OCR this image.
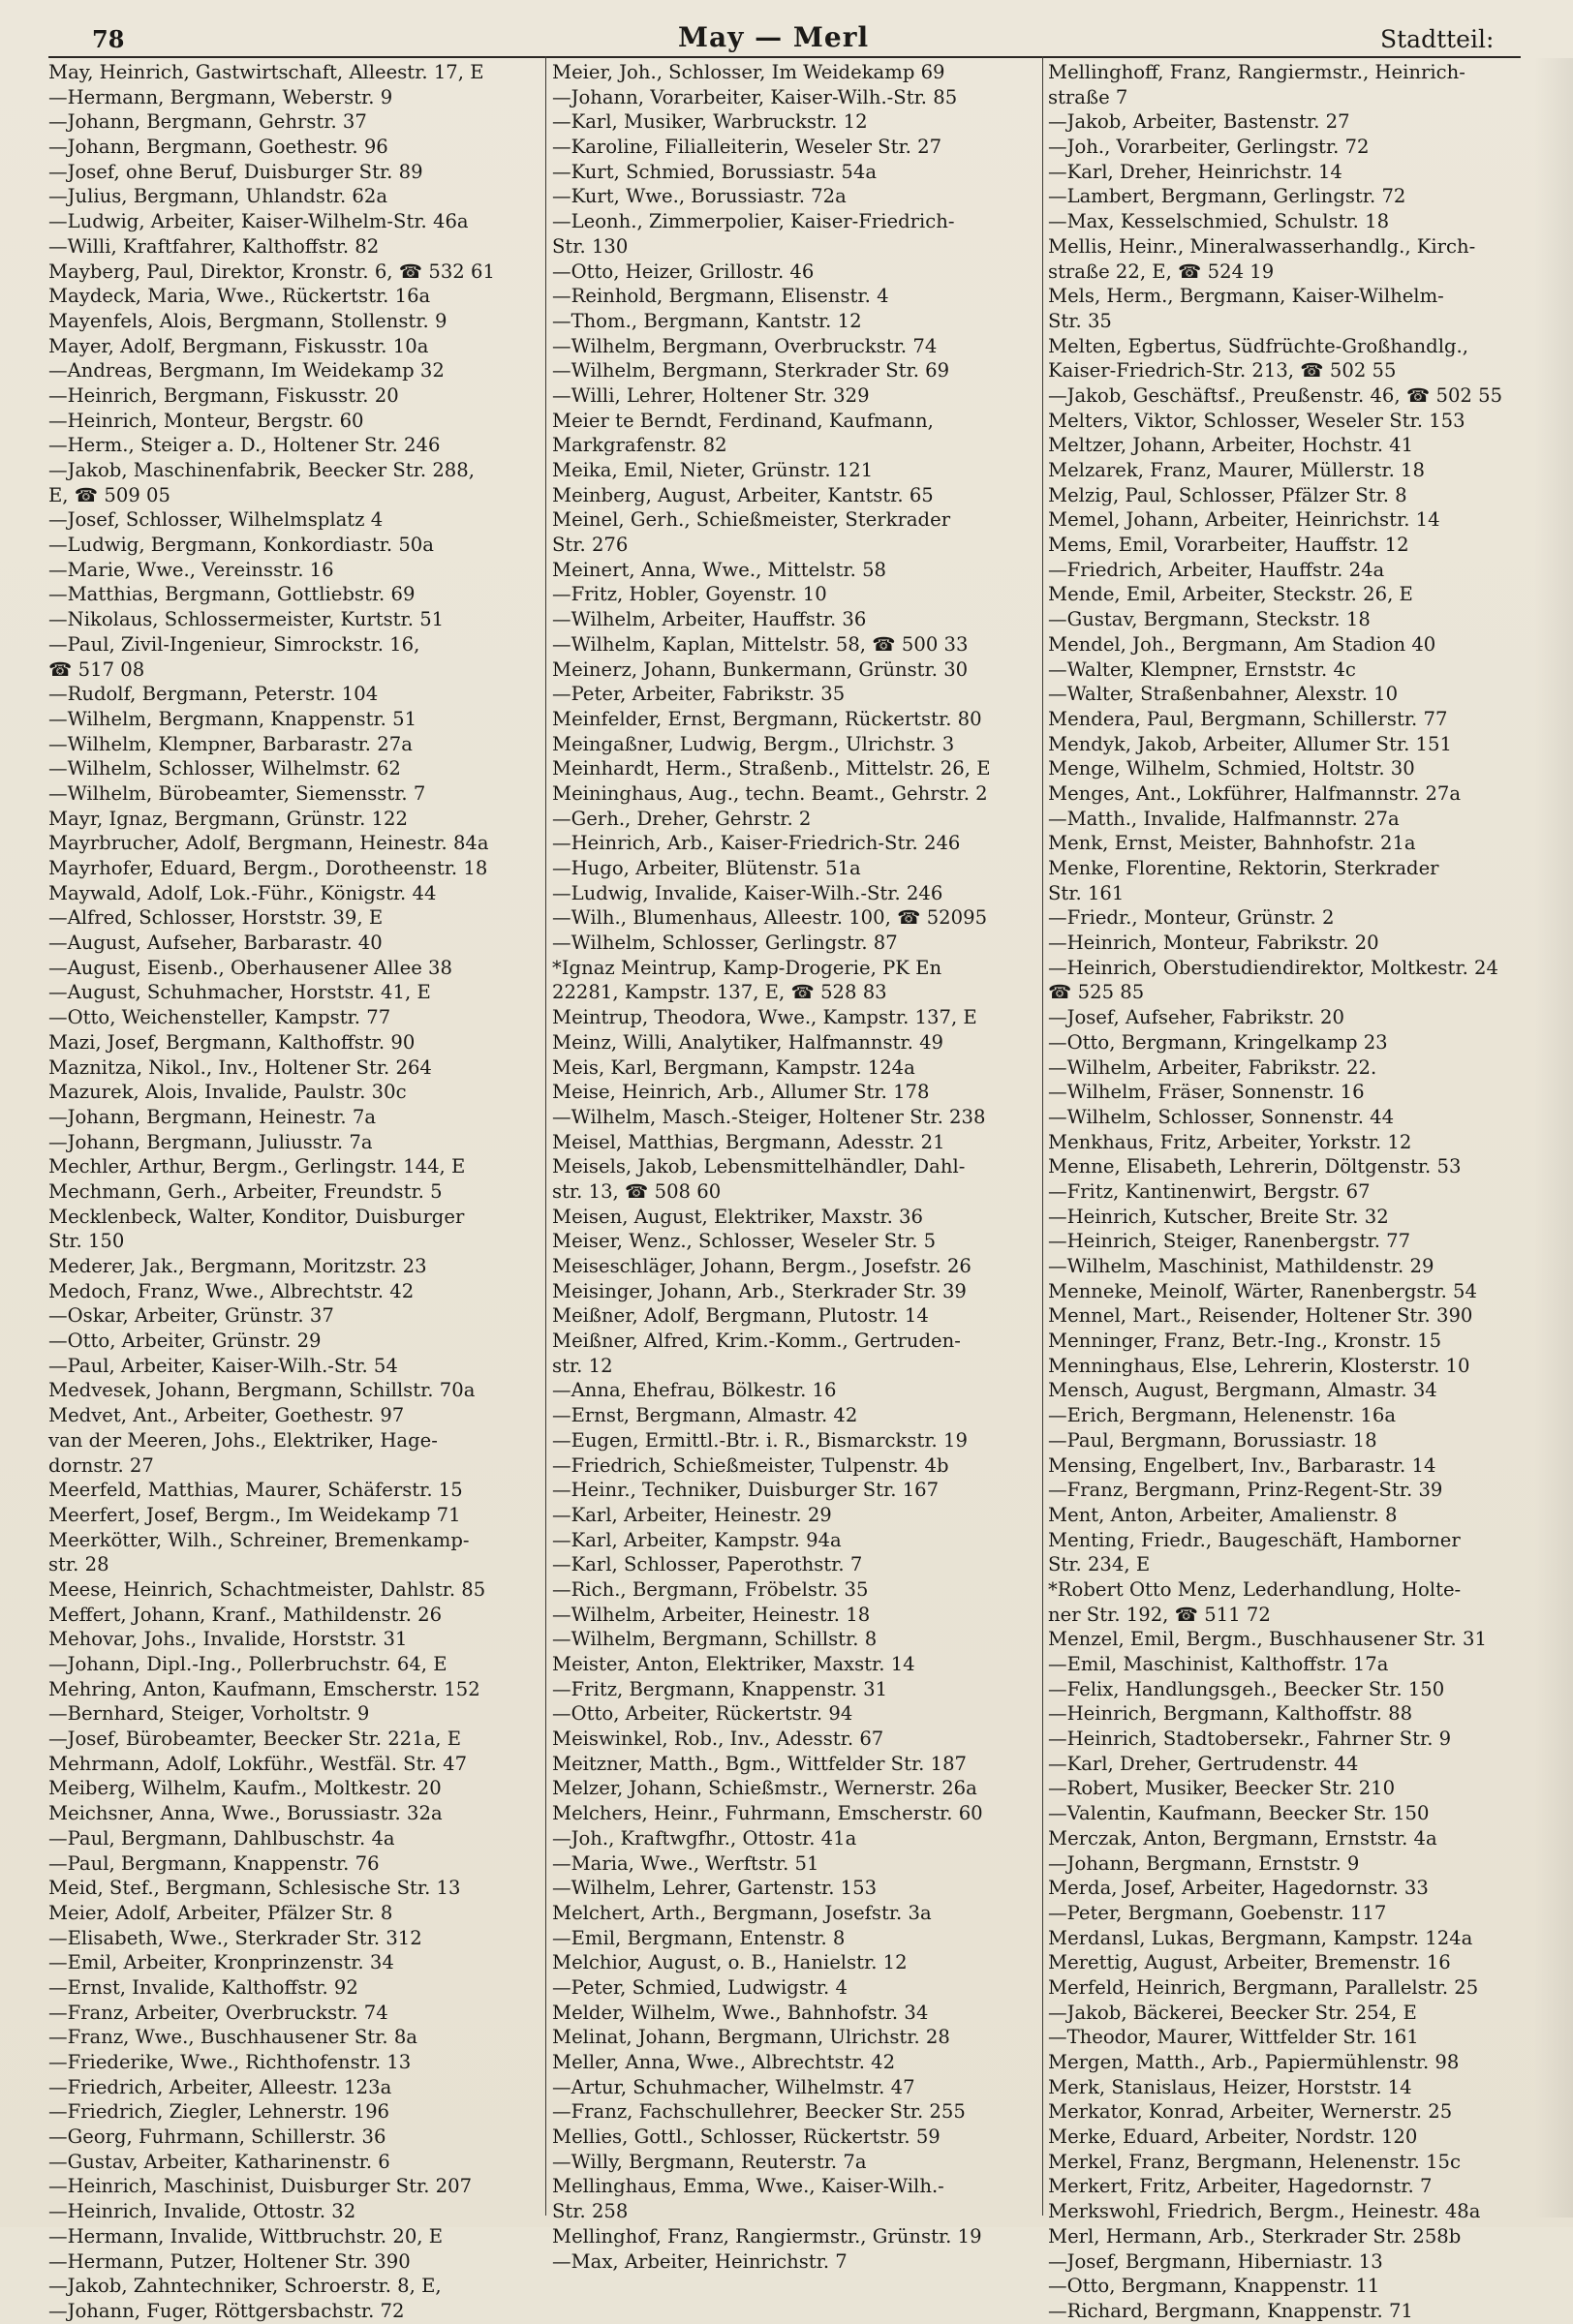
78	May — Merl	Stadtteil:
May, Heinrich, Gastwirtschaft, Alleestr. 17, E
—Hermann, Bergmann, Weberstr. 9
—Johann, Bergmann, Gehrstr. 37
—Johann, Bergmann, Goethestr. 96
—Josef, ohne Beruf, Duisburger Str. 89
—Julius, Bergmann, Uhlandstr. 62a
—Ludwig, Arbeiter, Kaiser-Wilhelm-Str. 46a
—Willi, Kraftfahrer, Kalthoffstr. 82
Mayberg, Paul, Direktor, Kronstr. 6, ☎ 532 61
Maydeck, Maria, Wwe., Rückertstr. 16a
Mayenfels, Alois, Bergmann, Stollenstr. 9
Mayer, Adolf, Bergmann, Fiskusstr. 10a
—Andreas, Bergmann, Im Weidekamp 32
—Heinrich, Bergmann, Fiskusstr. 20
—Heinrich, Monteur, Bergstr. 60
—Herm., Steiger a. D., Holtener Str. 246
—Jakob, Maschinenfabrik, Beecker Str. 288,
E, ☎ 509 05
—Josef, Schlosser, Wilhelmsplatz 4
—Ludwig, Bergmann, Konkordiastr. 50a
—Marie, Wwe., Vereinsstr. 16
—Matthias, Bergmann, Gottliebstr. 69
—Nikolaus, Schlossermeister, Kurtstr. 51
—Paul, Zivil-Ingenieur, Simrockstr. 16,
☎ 517 08
—Rudolf, Bergmann, Peterstr. 104
—Wilhelm, Bergmann, Knappenstr. 51
—Wilhelm, Klempner, Barbarastr. 27a
—Wilhelm, Schlosser, Wilhelmstr. 62
—Wilhelm, Bürobeamter, Siemensstr. 7
Mayr, Ignaz, Bergmann, Grünstr. 122
Mayrbrucher, Adolf, Bergmann, Heinestr. 84a
Mayrhofer, Eduard, Bergm., Dorotheenstr. 18
Maywald, Adolf, Lok.-Führ., Königstr. 44
—Alfred, Schlosser, Horststr. 39, E
—August, Aufseher, Barbarastr. 40
—August, Eisenb., Oberhausener Allee 38
—August, Schuhmacher, Horststr. 41, E
—Otto, Weichensteller, Kampstr. 77
Mazi, Josef, Bergmann, Kalthoffstr. 90
Maznitza, Nikol., Inv., Holtener Str. 264
Mazurek, Alois, Invalide, Paulstr. 30c
—Johann, Bergmann, Heinestr. 7a
—Johann, Bergmann, Juliusstr. 7a
Mechler, Arthur, Bergm., Gerlingstr. 144, E
Mechmann, Gerh., Arbeiter, Freundstr. 5
Mecklenbeck, Walter, Konditor, Duisburger
Str. 150
Mederer, Jak., Bergmann, Moritzstr. 23
Medoch, Franz, Wwe., Albrechtstr. 42
—Oskar, Arbeiter, Grünstr. 37
—Otto, Arbeiter, Grünstr. 29
—Paul, Arbeiter, Kaiser-Wilh.-Str. 54
Medvesek, Johann, Bergmann, Schillstr. 70a
Medvet, Ant., Arbeiter, Goethestr. 97
van der Meeren, Johs., Elektriker, Hage-
dornstr. 27
Meerfeld, Matthias, Maurer, Schäferstr. 15
Meerfert, Josef, Bergm., Im Weidekamp 71
Meerkötter, Wilh., Schreiner, Bremenkamp-
str. 28
Meese, Heinrich, Schachtmeister, Dahlstr. 85
Meffert, Johann, Kranf., Mathildenstr. 26
Mehovar, Johs., Invalide, Horststr. 31
—Johann, Dipl.-Ing., Pollerbruchstr. 64, E
Mehring, Anton, Kaufmann, Emscherstr. 152
—Bernhard, Steiger, Vorholtstr. 9
—Josef, Bürobeamter, Beecker Str. 221a, E
Mehrmann, Adolf, Lokführ., Westfäl. Str. 47
Meiberg, Wilhelm, Kaufm., Moltkestr. 20
Meichsner, Anna, Wwe., Borussiastr. 32a
—Paul, Bergmann, Dahlbuschstr. 4a
—Paul, Bergmann, Knappenstr. 76
Meid, Stef., Bergmann, Schlesische Str. 13
Meier, Adolf, Arbeiter, Pfälzer Str. 8
—Elisabeth, Wwe., Sterkrader Str. 312
—Emil, Arbeiter, Kronprinzenstr. 34
—Ernst, Invalide, Kalthoffstr. 92
—Franz, Arbeiter, Overbruckstr. 74
—Franz, Wwe., Buschhausener Str. 8a
—Friederike, Wwe., Richthofenstr. 13
—Friedrich, Arbeiter, Alleestr. 123a
—Friedrich, Ziegler, Lehnerstr. 196
—Georg, Fuhrmann, Schillerstr. 36
—Gustav, Arbeiter, Katharinenstr. 6
—Heinrich, Maschinist, Duisburger Str. 207
—Heinrich, Invalide, Ottostr. 32
—Hermann, Invalide, Wittbruchstr. 20, E
—Hermann, Putzer, Holtener Str. 390
—Jakob, Zahntechniker, Schroerstr. 8, E,
—Johann, Fuger, Röttgersbachstr. 72
Meier, Joh., Schlosser, Im Weidekamp 69
—Johann, Vorarbeiter, Kaiser-Wilh.-Str. 85
—Karl, Musiker, Warbruckstr. 12
—Karoline, Filialleiterin, Weseler Str. 27
—Kurt, Schmied, Borussiastr. 54a
—Kurt, Wwe., Borussiastr. 72a
—Leonh., Zimmerpolier, Kaiser-Friedrich-
Str. 130
—Otto, Heizer, Grillostr. 46
—Reinhold, Bergmann, Elisenstr. 4
—Thom., Bergmann, Kantstr. 12
—Wilhelm, Bergmann, Overbruckstr. 74
—Wilhelm, Bergmann, Sterkrader Str. 69
—Willi, Lehrer, Holtener Str. 329
Meier te Berndt, Ferdinand, Kaufmann,
Markgrafenstr. 82
Meika, Emil, Nieter, Grünstr. 121
Meinberg, August, Arbeiter, Kantstr. 65
Meinel, Gerh., Schießmeister, Sterkrader
Str. 276
Meinert, Anna, Wwe., Mittelstr. 58
—Fritz, Hobler, Goyenstr. 10
—Wilhelm, Arbeiter, Hauffstr. 36
—Wilhelm, Kaplan, Mittelstr. 58, ☎ 500 33
Meinerz, Johann, Bunkermann, Grünstr. 30
—Peter, Arbeiter, Fabrikstr. 35
Meinfelder, Ernst, Bergmann, Rückertstr. 80
Meingaßner, Ludwig, Bergm., Ulrichstr. 3
Meinhardt, Herm., Straßenb., Mittelstr. 26, E
Meininghaus, Aug., techn. Beamt., Gehrstr. 2
—Gerh., Dreher, Gehrstr. 2
—Heinrich, Arb., Kaiser-Friedrich-Str. 246
—Hugo, Arbeiter, Blütenstr. 51a
—Ludwig, Invalide, Kaiser-Wilh.-Str. 246
—Wilh., Blumenhaus, Alleestr. 100, ☎ 52095
—Wilhelm, Schlosser, Gerlingstr. 87
*Ignaz Meintrup, Kamp-Drogerie, PK En
22281, Kampstr. 137, E, ☎ 528 83
Meintrup, Theodora, Wwe., Kampstr. 137, E
Meinz, Willi, Analytiker, Halfmannstr. 49
Meis, Karl, Bergmann, Kampstr. 124a
Meise, Heinrich, Arb., Allumer Str. 178
—Wilhelm, Masch.-Steiger, Holtener Str. 238
Meisel, Matthias, Bergmann, Adesstr. 21
Meisels, Jakob, Lebensmittelhändler, Dahl-
str. 13, ☎ 508 60
Meisen, August, Elektriker, Maxstr. 36
Meiser, Wenz., Schlosser, Weseler Str. 5
Meiseschläger, Johann, Bergm., Josefstr. 26
Meisinger, Johann, Arb., Sterkrader Str. 39
Meißner, Adolf, Bergmann, Plutostr. 14
Meißner, Alfred, Krim.-Komm., Gertruden-
str. 12
—Anna, Ehefrau, Bölkestr. 16
—Ernst, Bergmann, Almastr. 42
—Eugen, Ermittl.-Btr. i. R., Bismarckstr. 19
—Friedrich, Schießmeister, Tulpenstr. 4b
—Heinr., Techniker, Duisburger Str. 167
—Karl, Arbeiter, Heinestr. 29
—Karl, Arbeiter, Kampstr. 94a
—Karl, Schlosser, Paperothstr. 7
—Rich., Bergmann, Fröbelstr. 35
—Wilhelm, Arbeiter, Heinestr. 18
—Wilhelm, Bergmann, Schillstr. 8
Meister, Anton, Elektriker, Maxstr. 14
—Fritz, Bergmann, Knappenstr. 31
—Otto, Arbeiter, Rückertstr. 94
Meiswinkel, Rob., Inv., Adesstr. 67
Meitzner, Matth., Bgm., Wittfelder Str. 187
Melzer, Johann, Schießmstr., Wernerstr. 26a
Melchers, Heinr., Fuhrmann, Emscherstr. 60
—Joh., Kraftwgfhr., Ottostr. 41a
—Maria, Wwe., Werftstr. 51
—Wilhelm, Lehrer, Gartenstr. 153
Melchert, Arth., Bergmann, Josefstr. 3a
—Emil, Bergmann, Entenstr. 8
Melchior, August, o. B., Hanielstr. 12
—Peter, Schmied, Ludwigstr. 4
Melder, Wilhelm, Wwe., Bahnhofstr. 34
Melinat, Johann, Bergmann, Ulrichstr. 28
Meller, Anna, Wwe., Albrechtstr. 42
—Artur, Schuhmacher, Wilhelmstr. 47
—Franz, Fachschullehrer, Beecker Str. 255
Mellies, Gottl., Schlosser, Rückertstr. 59
—Willy, Bergmann, Reuterstr. 7a
Mellinghaus, Emma, Wwe., Kaiser-Wilh.-
Str. 258
Mellinghof, Franz, Rangiermstr., Grünstr. 19
—Max, Arbeiter, Heinrichstr. 7
Mellinghoff, Franz, Rangiermstr., Heinrich-
straße 7
—Jakob, Arbeiter, Bastenstr. 27
—Joh., Vorarbeiter, Gerlingstr. 72
—Karl, Dreher, Heinrichstr. 14
—Lambert, Bergmann, Gerlingstr. 72
—Max, Kesselschmied, Schulstr. 18
Mellis, Heinr., Mineralwasserhandlg., Kirch-
straße 22, E, ☎ 524 19
Mels, Herm., Bergmann, Kaiser-Wilhelm-
Str. 35
Melten, Egbertus, Südfrüchte-Großhandlg.,
Kaiser-Friedrich-Str. 213, ☎ 502 55
—Jakob, Geschäftsf., Preußenstr. 46, ☎ 502 55
Melters, Viktor, Schlosser, Weseler Str. 153
Meltzer, Johann, Arbeiter, Hochstr. 41
Melzarek, Franz, Maurer, Müllerstr. 18
Melzig, Paul, Schlosser, Pfälzer Str. 8
Memel, Johann, Arbeiter, Heinrichstr. 14
Mems, Emil, Vorarbeiter, Hauffstr. 12
—Friedrich, Arbeiter, Hauffstr. 24a
Mende, Emil, Arbeiter, Steckstr. 26, E
—Gustav, Bergmann, Steckstr. 18
Mendel, Joh., Bergmann, Am Stadion 40
—Walter, Klempner, Ernststr. 4c
—Walter, Straßenbahner, Alexstr. 10
Mendera, Paul, Bergmann, Schillerstr. 77
Mendyk, Jakob, Arbeiter, Allumer Str. 151
Menge, Wilhelm, Schmied, Holtstr. 30
Menges, Ant., Lokführer, Halfmannstr. 27a
—Matth., Invalide, Halfmannstr. 27a
Menk, Ernst, Meister, Bahnhofstr. 21a
Menke, Florentine, Rektorin, Sterkrader
Str. 161
—Friedr., Monteur, Grünstr. 2
—Heinrich, Monteur, Fabrikstr. 20
—Heinrich, Oberstudiendirektor, Moltkestr. 24
☎ 525 85
—Josef, Aufseher, Fabrikstr. 20
—Otto, Bergmann, Kringelkamp 23
—Wilhelm, Arbeiter, Fabrikstr. 22.
—Wilhelm, Fräser, Sonnenstr. 16
—Wilhelm, Schlosser, Sonnenstr. 44
Menkhaus, Fritz, Arbeiter, Yorkstr. 12
Menne, Elisabeth, Lehrerin, Döltgenstr. 53
—Fritz, Kantinenwirt, Bergstr. 67
—Heinrich, Kutscher, Breite Str. 32
—Heinrich, Steiger, Ranenbergstr. 77
—Wilhelm, Maschinist, Mathildenstr. 29
Menneke, Meinolf, Wärter, Ranenbergstr. 54
Mennel, Mart., Reisender, Holtener Str. 390
Menninger, Franz, Betr.-Ing., Kronstr. 15
Menninghaus, Else, Lehrerin, Klosterstr. 10
Mensch, August, Bergmann, Almastr. 34
—Erich, Bergmann, Helenenstr. 16a
—Paul, Bergmann, Borussiastr. 18
Mensing, Engelbert, Inv., Barbarastr. 14
—Franz, Bergmann, Prinz-Regent-Str. 39
Ment, Anton, Arbeiter, Amalienstr. 8
Menting, Friedr., Baugeschäft, Hamborner
Str. 234, E
*Robert Otto Menz, Lederhandlung, Holte-
ner Str. 192, ☎ 511 72
Menzel, Emil, Bergm., Buschhausener Str. 31
—Emil, Maschinist, Kalthoffstr. 17a
—Felix, Handlungsgeh., Beecker Str. 150
—Heinrich, Bergmann, Kalthoffstr. 88
—Heinrich, Stadtobersekr., Fahrner Str. 9
—Karl, Dreher, Gertrudenstr. 44
—Robert, Musiker, Beecker Str. 210
—Valentin, Kaufmann, Beecker Str. 150
Merczak, Anton, Bergmann, Ernststr. 4a
—Johann, Bergmann, Ernststr. 9
Merda, Josef, Arbeiter, Hagedornstr. 33
—Peter, Bergmann, Goebenstr. 117
Merdansl, Lukas, Bergmann, Kampstr. 124a
Merettig, August, Arbeiter, Bremenstr. 16
Merfeld, Heinrich, Bergmann, Parallelstr. 25
—Jakob, Bäckerei, Beecker Str. 254, E
—Theodor, Maurer, Wittfelder Str. 161
Mergen, Matth., Arb., Papiermühlenstr. 98
Merk, Stanislaus, Heizer, Horststr. 14
Merkator, Konrad, Arbeiter, Wernerstr. 25
Merke, Eduard, Arbeiter, Nordstr. 120
Merkel, Franz, Bergmann, Helenenstr. 15c
Merkert, Fritz, Arbeiter, Hagedornstr. 7
Merkswohl, Friedrich, Bergm., Heinestr. 48a
Merl, Hermann, Arb., Sterkrader Str. 258b
—Josef, Bergmann, Hiberniastr. 13
—Otto, Bergmann, Knappenstr. 11
—Richard, Bergmann, Knappenstr. 71
